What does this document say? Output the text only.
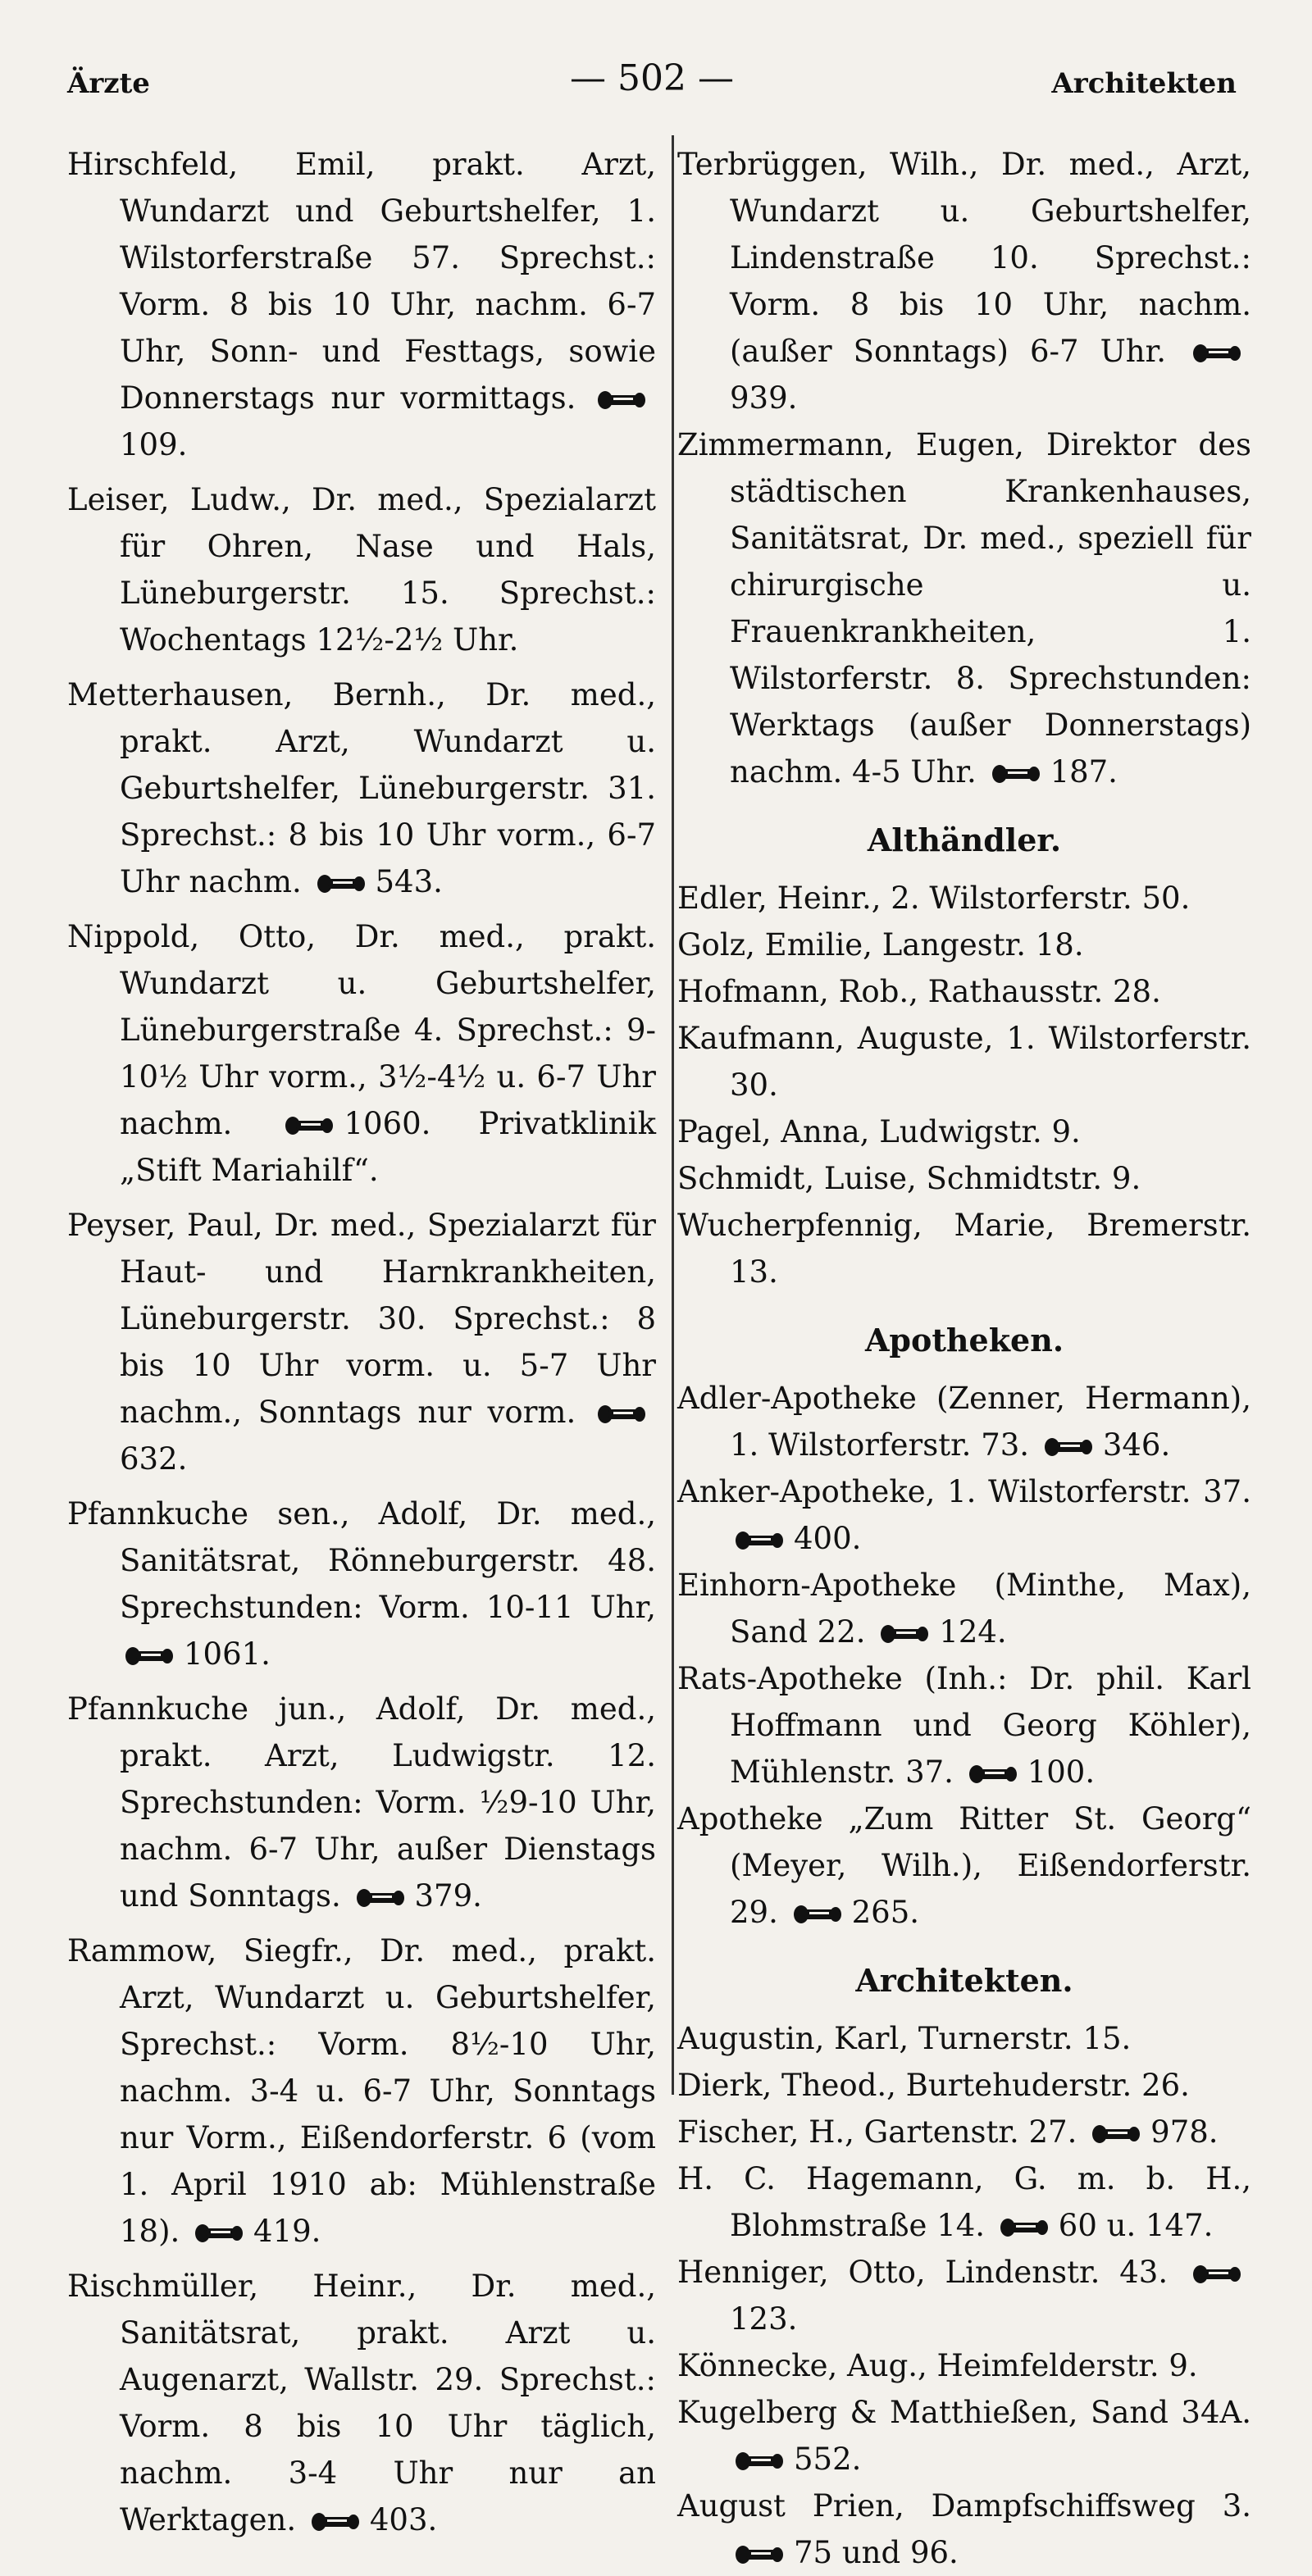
Ärzte	— 502 —	Architekten
Hirschfeld, Emil, prakt. Arzt, Wundarzt und Geburtshelfer, 1. Wilstorferstraße 57. Sprechst.: Vorm. 8 bis 10 Uhr, nachm. 6-7 Uhr, Sonn- und Festtags, sowie Donnerstags nur vormittags. 109.
Leiser, Ludw., Dr. med., Spezialarzt für Ohren, Nase und Hals, Lüneburgerstr. 15. Sprechst.: Wochentags 12½-2½ Uhr.
Metterhausen, Bernh., Dr. med., prakt. Arzt, Wundarzt u. Geburtshelfer, Lüneburgerstr. 31. Sprechst.: 8 bis 10 Uhr vorm., 6-7 Uhr nachm. 543.
Nippold, Otto, Dr. med., prakt. Wundarzt u. Geburtshelfer, Lüneburgerstraße 4. Sprechst.: 9-10½ Uhr vorm., 3½-4½ u. 6-7 Uhr nachm.	1060. Privatklinik „Stift Mariahilf“.
Peyser, Paul, Dr. med., Spezialarzt für Haut- und Harnkrankheiten, Lüneburgerstr. 30. Sprechst.: 8 bis 10 Uhr vorm. u. 5-7 Uhr nachm., Sonntags nur vorm. 632.
Pfannkuche sen., Adolf, Dr. med., Sanitätsrat, Rönneburgerstr. 48. Sprechstunden: Vorm. 10-11 Uhr, 1061.
Pfannkuche jun., Adolf, Dr. med., prakt. Arzt, Ludwigstr. 12. Sprechstunden: Vorm. ½9-10 Uhr, nachm. 6-7 Uhr, außer Dienstags und Sonntags. 379.
Rammow, Siegfr., Dr. med., prakt. Arzt, Wundarzt u. Geburtshelfer, Sprechst.: Vorm. 8½-10 Uhr, nachm. 3-4 u. 6-7 Uhr, Sonntags nur Vorm., Eißendorferstr. 6 (vom 1. April 1910 ab: Mühlenstraße 18). 419.
Rischmüller, Heinr., Dr. med., Sanitätsrat, prakt. Arzt u. Augenarzt, Wallstr. 29. Sprechst.: Vorm. 8 bis 10 Uhr täglich, nachm. 3-4 Uhr nur an Werktagen. 403.
Terbrüggen, Wilh., Dr. med., Arzt, Wundarzt u. Geburtshelfer, Lindenstraße 10. Sprechst.: Vorm. 8 bis 10 Uhr, nachm. (außer Sonntags) 6-7 Uhr. 939.
Zimmermann, Eugen, Direktor des städtischen Krankenhauses, Sanitätsrat, Dr. med., speziell für chirurgische u. Frauenkrankheiten, 1. Wilstorferstr. 8. Sprechstunden: Werktags (außer Donnerstags) nachm. 4-5 Uhr. 187.
Althändler.
Edler, Heinr., 2. Wilstorferstr. 50.
Golz, Emilie, Langestr. 18.
Hofmann, Rob., Rathausstr. 28.
Kaufmann, Auguste, 1. Wilstorferstr. 30.
Pagel, Anna, Ludwigstr. 9.
Schmidt, Luise, Schmidtstr. 9.
Wucherpfennig, Marie, Bremerstr. 13.
Apotheken.
Adler-Apotheke (Zenner, Hermann), 1. Wilstorferstr. 73. 346.
Anker-Apotheke, 1. Wilstorferstr. 37. 400.
Einhorn-Apotheke (Minthe, Max), Sand 22. 124.
Rats-Apotheke (Inh.: Dr. phil. Karl Hoffmann und Georg Köhler), Mühlenstr. 37. 100.
Apotheke „Zum Ritter St. Georg“ (Meyer, Wilh.), Eißendorferstr. 29. 265.
Architekten.
Augustin, Karl, Turnerstr. 15.
Dierk, Theod., Burtehuderstr. 26.
Fischer, H., Gartenstr. 27. 978.
H. C. Hagemann, G. m. b. H., Blohmstraße 14. 60 u. 147.
Henniger, Otto, Lindenstr. 43. 123.
Könnecke, Aug., Heimfelderstr. 9.
Kugelberg & Matthießen, Sand 34A. 552.
August Prien, Dampfschiffsweg 3. 75 und 96.
